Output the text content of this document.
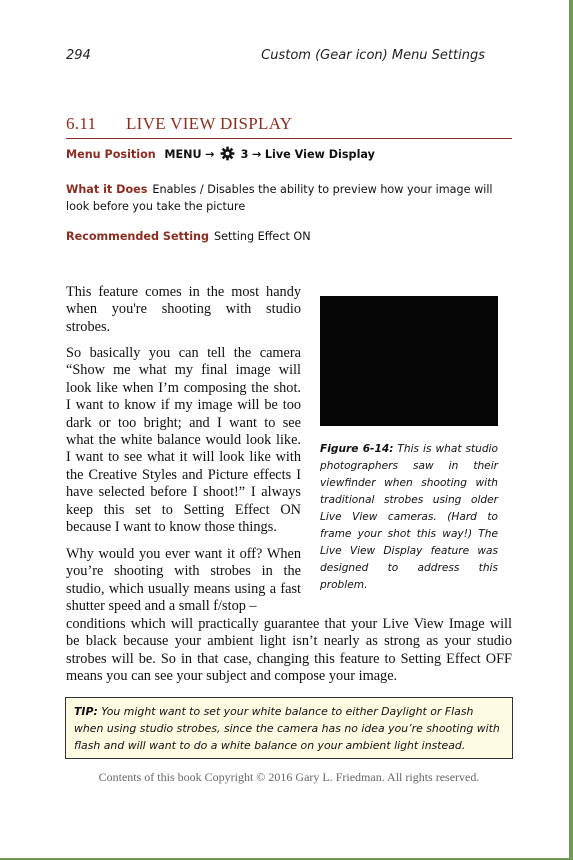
294	Custom (Gear icon) Menu Settings
6.11 LIVE VIEW DISPLAY
Menu Position MENU → 3 → Live View Display
What it Does Enables / Disables the ability to preview how your image will
look before you take the picture
Recommended Setting Setting Effect ON
This feature comes in the most handy when you're shooting with studio strobes.
So basically you can tell the camera “Show me what my final image will look like when I’m composing the shot. I want to know if my image will be too dark or too bright; and I want to see what the white balance would look like. I want to see what it will look like with the Creative Styles and Picture effects I have selected before I shoot!” I always keep this set to Setting Effect ON because I want to know those things.
Why would you ever want it off? When you’re shooting with strobes in the studio, which usually means using a fast shutter speed and a small f/stop –
conditions which will practically guarantee that your Live View Image will be black because your ambient light isn’t nearly as strong as your studio strobes will be. So in that case, changing this feature to Setting Effect OFF means you can see your subject and compose your image.
Figure 6-14: This is what studio photographers saw in their viewfinder when shooting with traditional strobes using older Live View cameras. (Hard to frame your shot this way!) The Live View Display feature was designed to address this problem.
TIP: You might want to set your white balance to either Daylight or Flash when using studio strobes, since the camera has no idea you’re shooting with flash and will want to do a white balance on your ambient light instead.
Contents of this book Copyright © 2016 Gary L. Friedman. All rights reserved.
